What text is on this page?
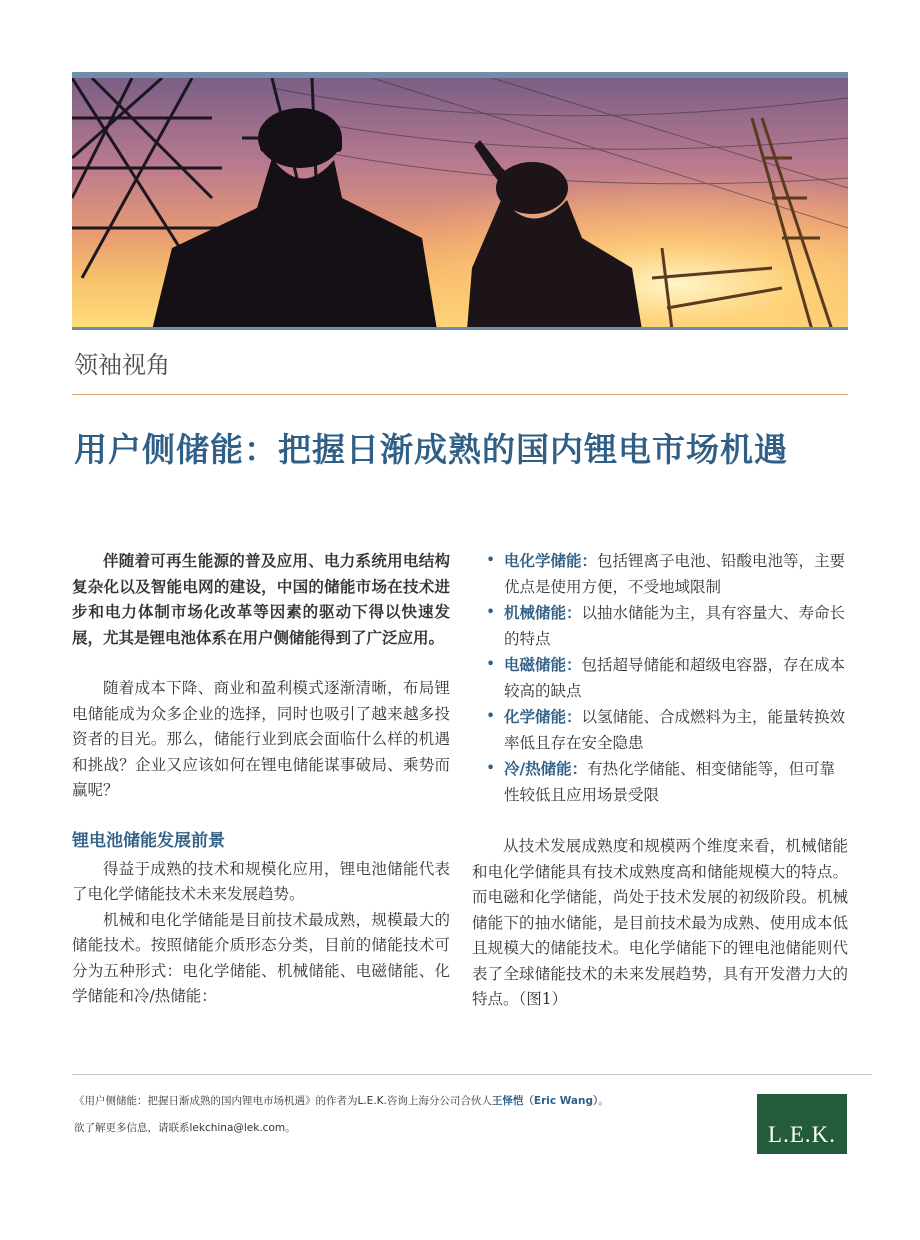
领袖视角
用户侧储能：把握日渐成熟的国内锂电市场机遇

伴随着可再生能源的普及应用、电力系统用电结构复杂化以及智能电网的建设，中国的储能市场在技术进步和电力体制市场化改革等因素的驱动下得以快速发展，尤其是锂电池体系在用户侧储能得到了广泛应用。

随着成本下降、商业和盈利模式逐渐清晰，布局锂电储能成为众多企业的选择，同时也吸引了越来越多投资者的目光。那么，储能行业到底会面临什么样的机遇和挑战？企业又应该如何在锂电储能谋事破局、乘势而赢呢？

锂电池储能发展前景

得益于成熟的技术和规模化应用，锂电池储能代表了电化学储能技术未来发展趋势。

机械和电化学储能是目前技术最成熟，规模最大的储能技术。按照储能介质形态分类，目前的储能技术可分为五种形式：电化学储能、机械储能、电磁储能、化学储能和冷/热储能：

• 电化学储能：包括锂离子电池、铅酸电池等，主要优点是使用方便，不受地域限制
• 机械储能：以抽水储能为主，具有容量大、寿命长的特点
• 电磁储能：包括超导储能和超级电容器，存在成本较高的缺点
• 化学储能：以氢储能、合成燃料为主，能量转换效率低且存在安全隐患
• 冷/热储能：有热化学储能、相变储能等，但可靠性较低且应用场景受限

从技术发展成熟度和规模两个维度来看，机械储能和电化学储能具有技术成熟度高和储能规模大的特点。而电磁和化学储能，尚处于技术发展的初级阶段。机械储能下的抽水储能，是目前技术最为成熟、使用成本低且规模大的储能技术。电化学储能下的锂电池储能则代表了全球储能技术的未来发展趋势，具有开发潜力大的特点。（图1）

《用户侧储能：把握日渐成熟的国内锂电市场机遇》的作者为L.E.K.咨询上海分公司合伙人王怿恺（Eric Wang）。
欲了解更多信息，请联系lekchina@lek.com。	L.E.K.
